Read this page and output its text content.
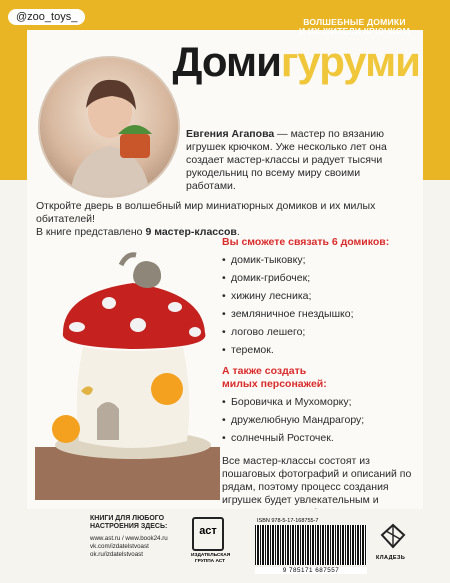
@zoo_toys_	ВОЛШЕБНЫЕ ДОМИКИ
И ИХ ЖИТЕЛИ КРЮЧКОМ
Домигуруми
Евгения Агапова — мастер по вязанию игрушек крючком. Уже несколько лет она создает мастер-классы и радует тысячи рукодельниц по всему миру своими работами.
Откройте дверь в волшебный мир миниатюрных домиков и их милых обитателей!
В книге представлено 9 мастер-классов.
Вы сможете связать 6 домиков:
• домик-тыковку;
• домик-грибочек;
• хижину лесника;
• земляничное гнездышко;
• логово лешего;
• теремок.
А также создать
милых персонажей:
• Боровичка и Мухоморку;
• дружелюбную Мандрагору;
• солнечный Росточек.
Все мастер-классы состоят из пошаговых фотографий и описаний по рядам, поэтому процесс создания игрушек будет увлекательным и
КНИГИ ДЛЯ ЛЮБОГО НАСТРОЕНИЯ ЗДЕСЬ:
www.ast.ru / www.book24.ru
vk.com/izdatelstvoast
ok.ru/izdatelstvoast
аст
ИЗДАТЕЛЬСКАЯ ГРУППА АСТ
ISBN 978-5-17-168755-7
9 785171 687557
КЛАДЕЗЬ
